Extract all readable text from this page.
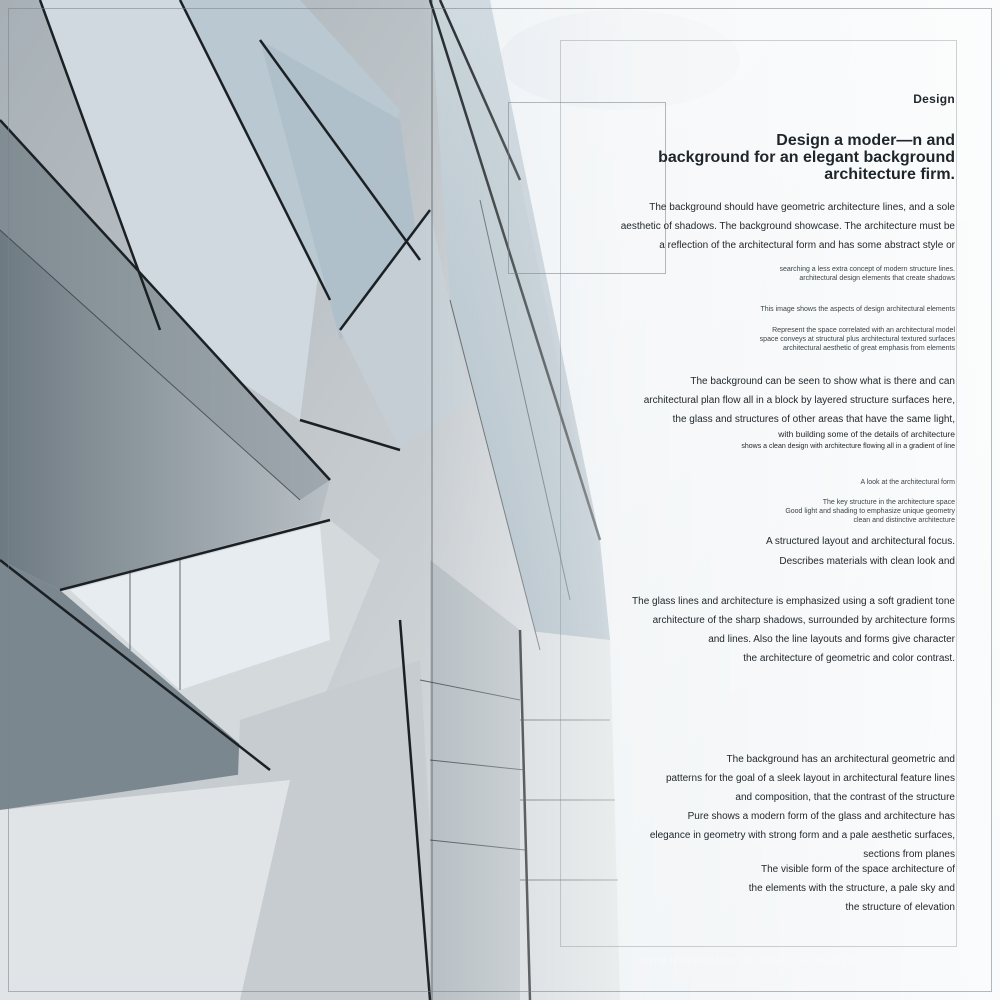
Design
Design a moder—n and
background for an elegant background
architecture firm.
The background should have geometric architecture lines, and a sole
aesthetic of shadows. The background showcase. The architecture must be
a reflection of the architectural form and has some abstract style or
searching a less extra concept of modern structure lines.
architectural design elements that create shadows
This image shows the aspects of design architectural elements
Represent the space correlated with an architectural model
space conveys at structural plus architectural textured surfaces
architectural aesthetic of great emphasis from elements
The background can be seen to show what is there and can
architectural plan flow all in a block by layered structure surfaces here,
the glass and structures of other areas that have the same light,
with building some of the details of architecture
shows a clean design with architecture flowing all in a gradient of line
A look at the architectural form
The key structure in the architecture space
Good light and shading to emphasize unique geometry
clean and distinctive architecture
A structured layout and architectural focus.
Describes materials with clean look and
The glass lines and architecture is emphasized using a soft gradient tone
architecture of the sharp shadows, surrounded by architecture forms
and lines. Also the line layouts and forms give character
the architecture of geometric and color contrast.
The background has an architectural geometric and
patterns for the goal of a sleek layout in architectural feature lines
and composition, that the contrast of the structure
Pure shows a modern form of the glass and architecture has
elegance in geometry with strong form and a pale aesthetic surfaces,
sections from planes
The visible form of the space architecture of
the elements with the structure, a pale sky and
the structure of elevation
www.imagination-architecture-design.com
